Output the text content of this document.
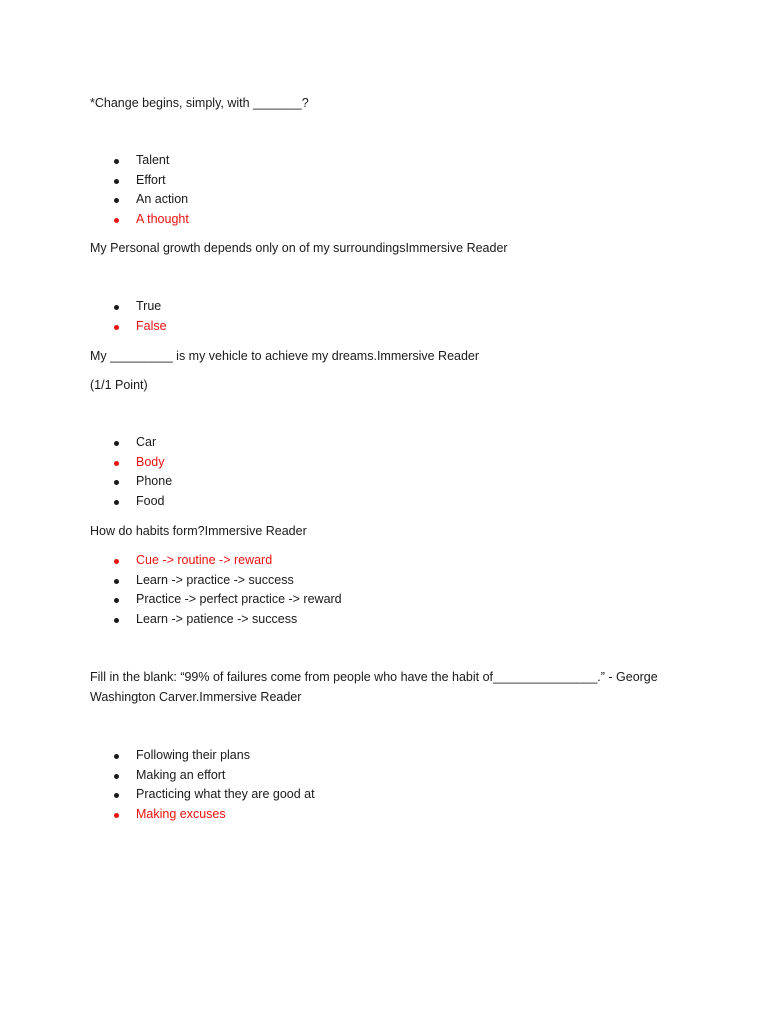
*Change begins, simply, with _______?

Talent
Effort
An action
A thought

My Personal growth depends only on of my surroundingsImmersive Reader

True
False

My _________ is my vehicle to achieve my dreams.Immersive Reader

(1/1 Point)

Car
Body
Phone
Food

How do habits form?Immersive Reader

Cue -> routine -> reward
Learn -> practice -> success
Practice -> perfect practice -> reward
Learn -> patience -> success

Fill in the blank: “99% of failures come from people who have the habit of_______________.” - George Washington Carver.Immersive Reader

Following their plans
Making an effort
Practicing what they are good at
Making excuses
